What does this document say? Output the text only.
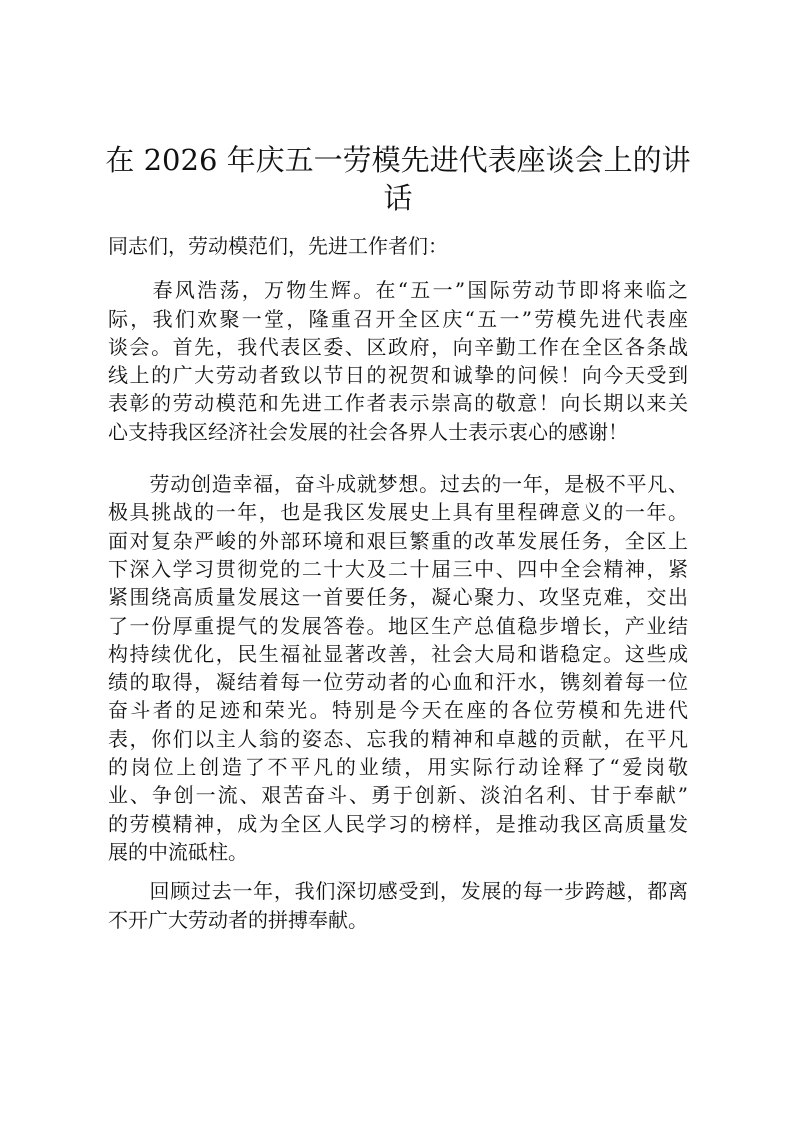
在 2026 年庆五一劳模先进代表座谈会上的讲
话
同志们，劳动模范们，先进工作者们：
　　春风浩荡，万物生辉。在“五一”国际劳动节即将来临之
际，我们欢聚一堂，隆重召开全区庆“五一”劳模先进代表座
谈会。首先，我代表区委、区政府，向辛勤工作在全区各条战
线上的广大劳动者致以节日的祝贺和诚挚的问候！向今天受到
表彰的劳动模范和先进工作者表示崇高的敬意！向长期以来关
心支持我区经济社会发展的社会各界人士表示衷心的感谢！
　　劳动创造幸福，奋斗成就梦想。过去的一年，是极不平凡、
极具挑战的一年，也是我区发展史上具有里程碑意义的一年。
面对复杂严峻的外部环境和艰巨繁重的改革发展任务，全区上
下深入学习贯彻党的二十大及二十届三中、四中全会精神，紧
紧围绕高质量发展这一首要任务，凝心聚力、攻坚克难，交出
了一份厚重提气的发展答卷。地区生产总值稳步增长，产业结
构持续优化，民生福祉显著改善，社会大局和谐稳定。这些成
绩的取得，凝结着每一位劳动者的心血和汗水，镌刻着每一位
奋斗者的足迹和荣光。特别是今天在座的各位劳模和先进代
表，你们以主人翁的姿态、忘我的精神和卓越的贡献，在平凡
的岗位上创造了不平凡的业绩，用实际行动诠释了“爱岗敬
业、争创一流、艰苦奋斗、勇于创新、淡泊名利、甘于奉献”
的劳模精神，成为全区人民学习的榜样，是推动我区高质量发
展的中流砥柱。
　　回顾过去一年，我们深切感受到，发展的每一步跨越，都离
不开广大劳动者的拼搏奉献。
